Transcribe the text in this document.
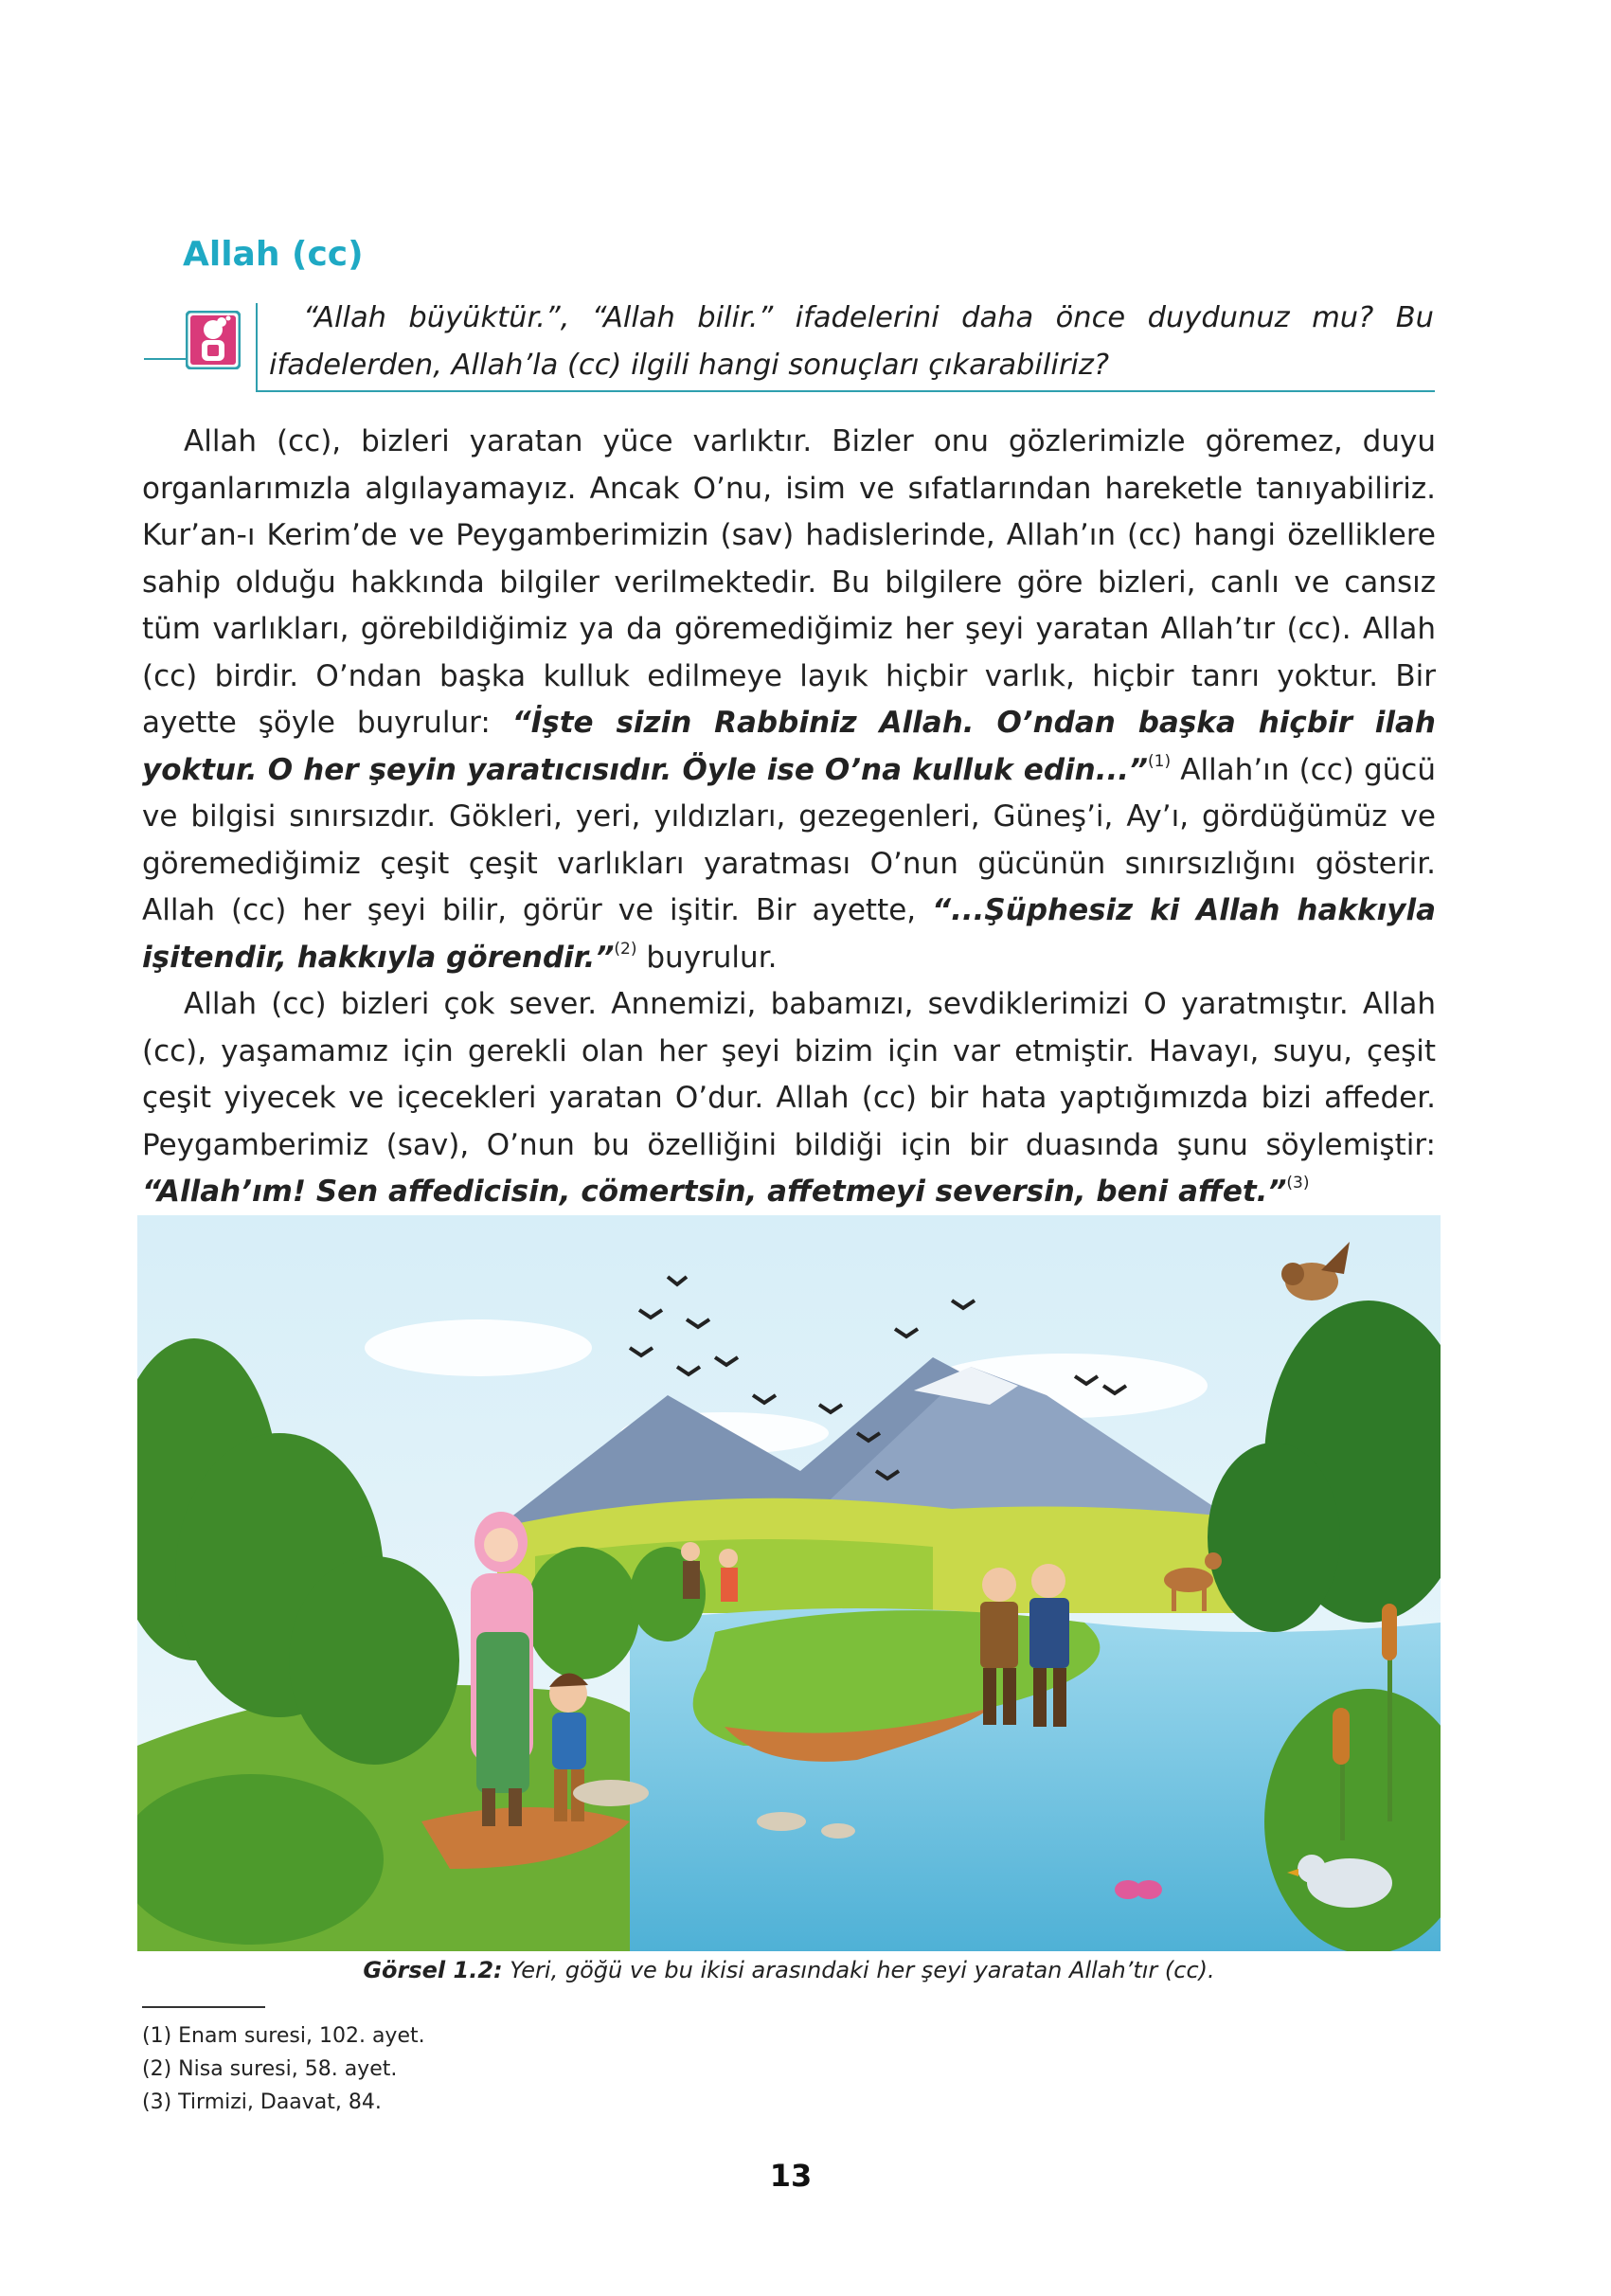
Allah (cc)

“Allah büyüktür.”, “Allah bilir.” ifadelerini daha önce duydunuz mu? Bu ifadelerden, Allah’la (cc) ilgili hangi sonuçları çıkarabiliriz?

Allah (cc), bizleri yaratan yüce varlıktır. Bizler onu gözlerimizle göremez, duyu organlarımızla algılayamayız. Ancak O’nu, isim ve sıfatlarından hareketle tanıyabiliriz. Kur’an-ı Kerim’de ve Peygamberimizin (sav) hadislerinde, Allah’ın (cc) hangi özelliklere sahip olduğu hakkında bilgiler verilmektedir. Bu bilgilere göre bizleri, canlı ve cansız tüm varlıkları, görebildiğimiz ya da göremediğimiz her şeyi yaratan Allah’tır (cc). Allah (cc) birdir. O’ndan başka kulluk edilmeye layık hiçbir varlık, hiçbir tanrı yoktur. Bir ayette şöyle buyrulur: “İşte sizin Rabbiniz Allah. O’ndan başka hiçbir ilah yoktur. O her şeyin yaratıcısıdır. Öyle ise O’na kulluk edin...”$^{(1)}$ Allah’ın (cc) gücü ve bilgisi sınırsızdır. Gökleri, yeri, yıldızları, gezegenleri, Güneş’i, Ay’ı, gördüğümüz ve göremediğimiz çeşit çeşit varlıkları yaratması O’nun gücünün sınırsızlığını gösterir. Allah (cc) her şeyi bilir, görür ve işitir. Bir ayette, “...Şüphesiz ki Allah hakkıyla işitendir, hakkıyla görendir.”$^{(2)}$ buyrulur.

Allah (cc) bizleri çok sever. Annemizi, babamızı, sevdiklerimizi O yaratmıştır. Allah (cc), yaşamamız için gerekli olan her şeyi bizim için var etmiştir. Havayı, suyu, çeşit çeşit yiyecek ve içecekleri yaratan O’dur. Allah (cc) bir hata yaptığımızda bizi affeder. Peygamberimiz (sav), O’nun bu özelliğini bildiği için bir duasında şunu söylemiştir: “Allah’ım! Sen affedicisin, cömertsin, affetmeyi seversin, beni affet.”$^{(3)}$

Görsel 1.2: Yeri, göğü ve bu ikisi arasındaki her şeyi yaratan Allah’tır (cc).

(1) Enam suresi, 102. ayet.
(2) Nisa suresi, 58. ayet.
(3) Tirmizi, Daavat, 84.
13
